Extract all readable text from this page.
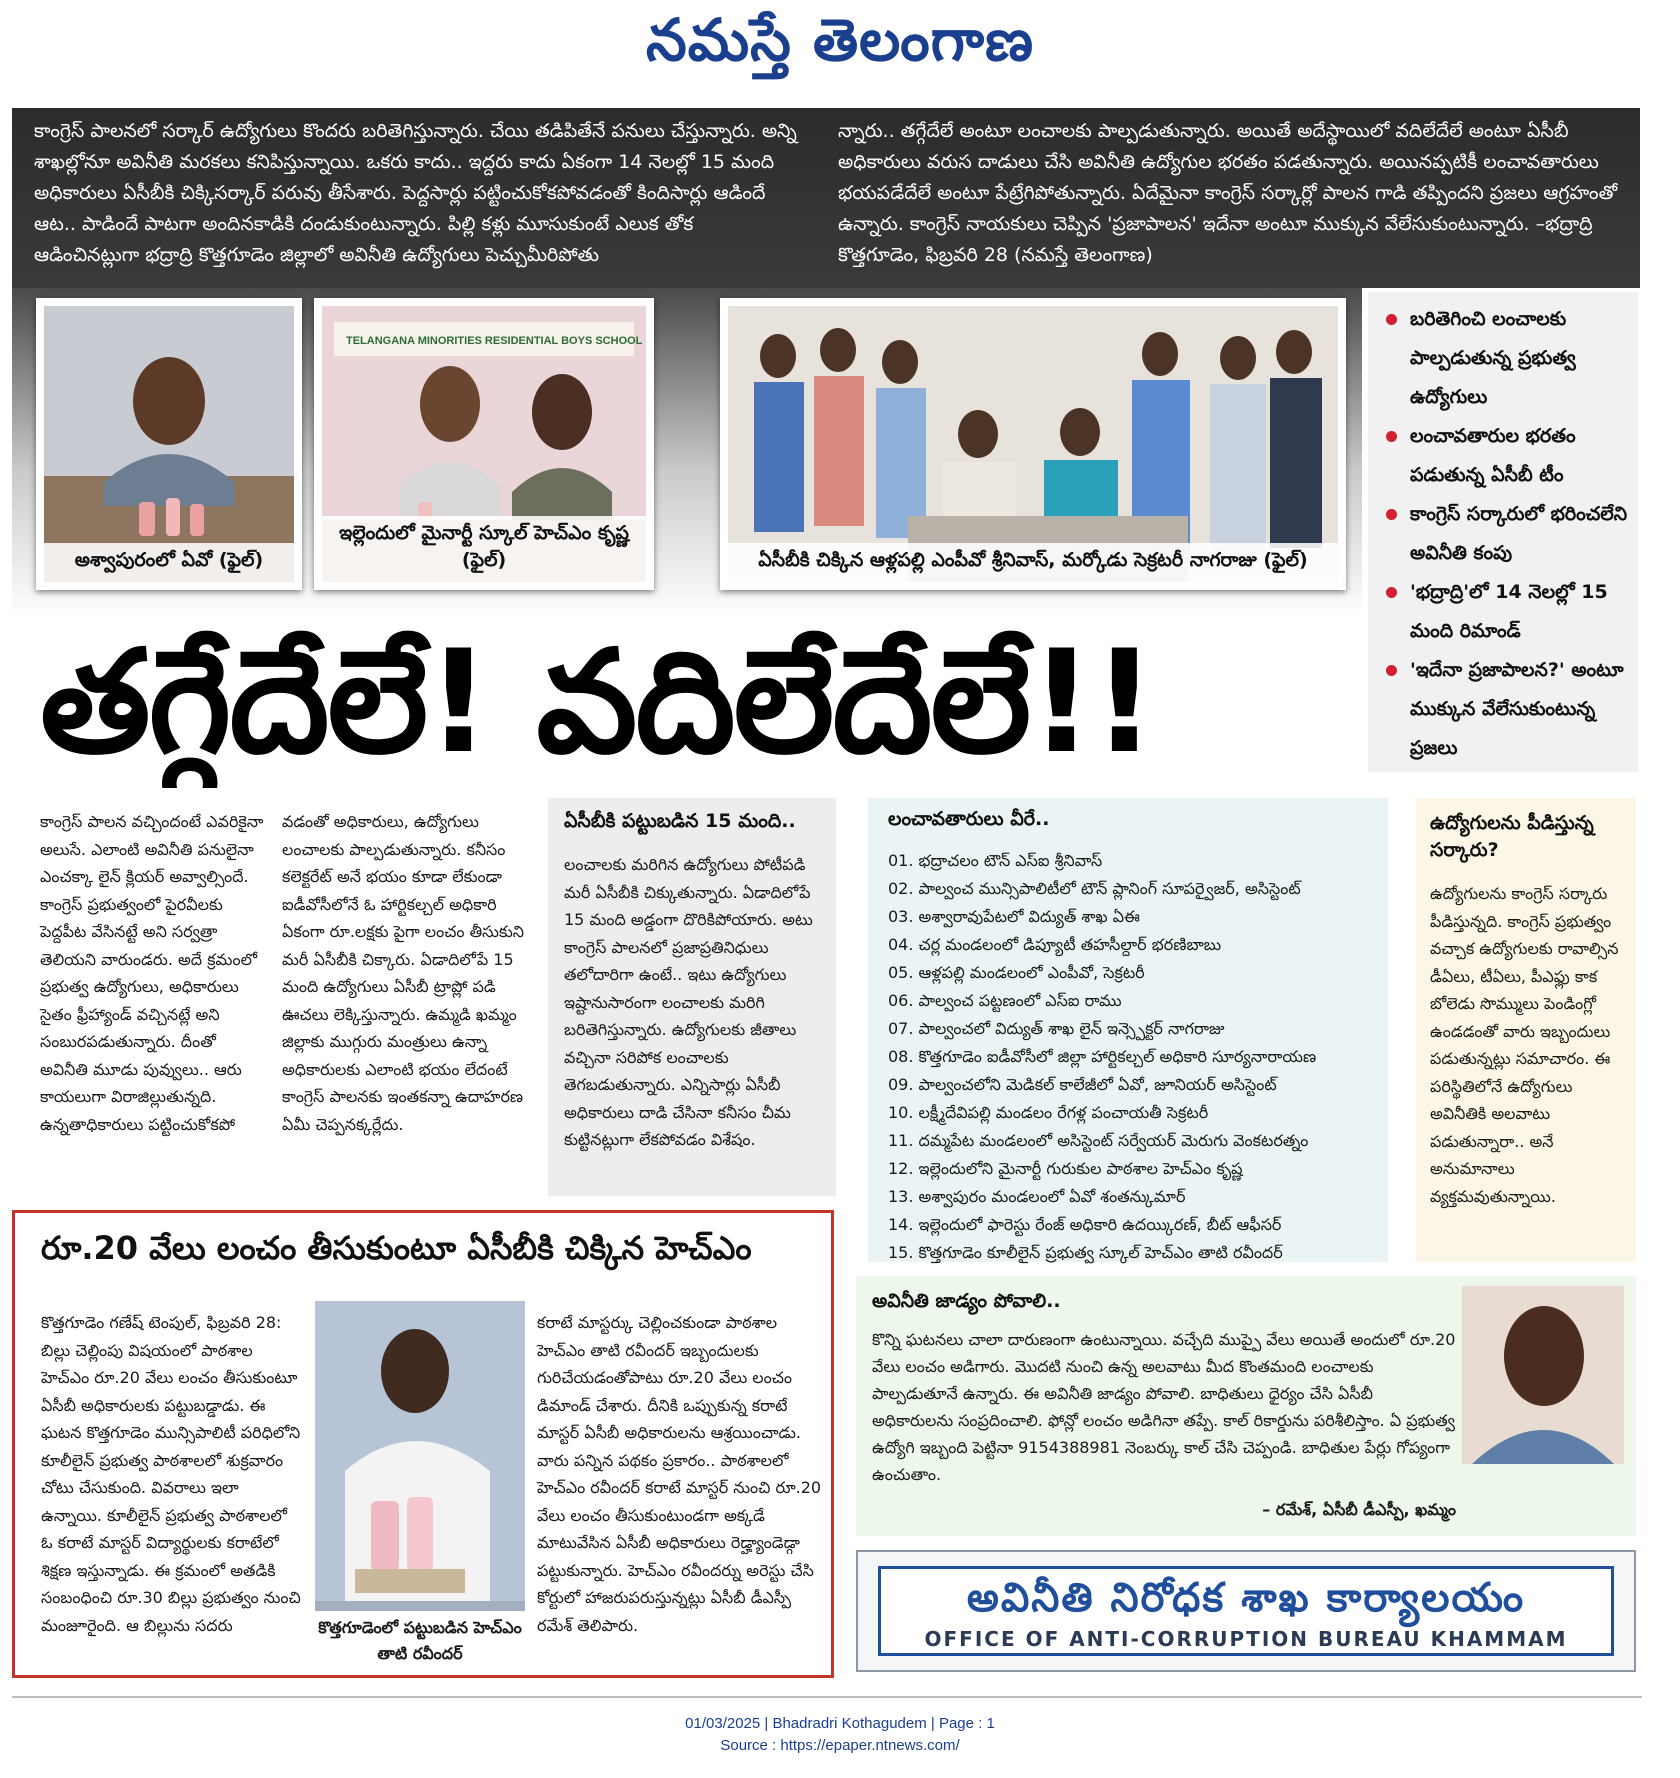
నమస్తే తెలంగాణ
కాంగ్రెస్ పాలనలో సర్కార్ ఉద్యోగులు కొందరు బరితెగిస్తున్నారు. చేయి తడిపితేనే పనులు చేస్తున్నారు. అన్ని శాఖల్లోనూ అవినీతి మరకలు కనిపిస్తున్నాయి. ఒకరు కాదు.. ఇద్దరు కాదు ఏకంగా 14 నెలల్లో 15 మంది అధికారులు ఏసీబీకి చిక్కిసర్కార్ పరువు తీసేశారు. పెద్దసార్లు పట్టించుకోకపోవడంతో కిందిసార్లు ఆడిందే ఆట.. పాడిందే పాటగా అందినకాడికి దండుకుంటున్నారు. పిల్లి కళ్లు మూసుకుంటే ఎలుక తోక ఆడించినట్లుగా భద్రాద్రి కొత్తగూడెం జిల్లాలో అవినీతి ఉద్యోగులు పెచ్చుమీరిపోతు
న్నారు.. తగ్గేదేలే అంటూ లంచాలకు పాల్పడుతున్నారు. అయితే అదేస్థాయిలో వదిలేదేలే అంటూ ఏసీబీ అధికారులు వరుస దాడులు చేసి అవినీతి ఉద్యోగుల భరతం పడతున్నారు. అయినప్పటికీ లంచావతారులు భయపడేదేలే అంటూ పేట్రేగిపోతున్నారు. ఏదేమైనా కాంగ్రెస్ సర్కార్లో పాలన గాడి తప్పిందని ప్రజలు ఆగ్రహంతో ఉన్నారు. కాంగ్రెస్ నాయకులు చెప్పిన 'ప్రజాపాలన' ఇదేనా అంటూ ముక్కున వేలేసుకుంటున్నారు. –భద్రాద్రి కొత్తగూడెం, ఫిబ్రవరి 28 (నమస్తే తెలంగాణ)
అశ్వాపురంలో ఏవో (ఫైల్)
TELANGANA MINORITIES RESIDENTIAL BOYS SCHOOL
ఇల్లెందులో మైనార్టీ స్కూల్ హెచ్ఎం కృష్ణ (ఫైల్)	ఏసీబీకి చిక్కిన ఆళ్లపల్లి ఎంపీవో శ్రీనివాస్, మర్కోడు సెక్రటరీ నాగరాజు (ఫైల్)
బరితెగించి లంచాలకు పాల్పడుతున్న ప్రభుత్వ ఉద్యోగులు
లంచావతారుల భరతం పడుతున్న ఏసీబీ టీం
కాంగ్రెస్ సర్కారులో భరించలేని అవినీతి కంపు
'భద్రాద్రి'లో 14 నెలల్లో 15 మంది రిమాండ్
'ఇదేనా ప్రజాపాలన?' అంటూ ముక్కున వేలేసుకుంటున్న ప్రజలు
తగ్గేదేలే! వదిలేదేలే!!
కాంగ్రెస్ పాలన వచ్చిందంటే ఎవరికైనా అలుసే. ఎలాంటి అవినీతి పనులైనా ఎంచక్కా లైన్ క్లియర్ అవ్వాల్సిందే. కాంగ్రెస్ ప్రభుత్వంలో పైరవీలకు పెద్దపీట వేసినట్టే అని సర్వత్రా తెలియని వారుండరు. అదే క్రమంలో ప్రభుత్వ ఉద్యోగులు, అధికారులు సైతం ఫ్రీహ్యాండ్ వచ్చినట్లే అని సంబురపడుతున్నారు. దీంతో అవినీతి మూడు పువ్వులు.. ఆరు కాయలుగా విరాజిల్లుతున్నది. ఉన్నతాధికారులు పట్టించుకోకపో
వడంతో అధికారులు, ఉద్యోగులు లంచాలకు పాల్పడుతున్నారు. కనీసం కలెక్టరేట్ అనే భయం కూడా లేకుండా ఐడీవోసీలోనే ఓ హార్టికల్చల్ అధికారి ఏకంగా రూ.లక్షకు పైగా లంచం తీసుకుని మరీ ఏసీబీకి చిక్కారు. ఏడాదిలోపే 15 మంది ఉద్యోగులు ఏసీబీ ట్రాప్లో పడి ఊచలు లెక్కిస్తున్నారు. ఉమ్మడి ఖమ్మం జిల్లాకు ముగ్గురు మంత్రులు ఉన్నా అధికారులకు ఎలాంటి భయం లేదంటే కాంగ్రెస్ పాలనకు ఇంతకన్నా ఉదాహరణ ఏమీ చెప్పనక్కర్లేదు.
ఏసీబీకి పట్టుబడిన 15 మంది..
లంచాలకు మరిగిన ఉద్యోగులు పోటీపడి మరీ ఏసీబీకి చిక్కుతున్నారు. ఏడాదిలోపే 15 మంది అడ్డంగా దొరికిపోయారు. అటు కాంగ్రెస్ పాలనలో ప్రజాప్రతినిధులు తలోదారిగా ఉంటే.. ఇటు ఉద్యోగులు ఇష్టానుసారంగా లంచాలకు మరిగి బరితెగిస్తున్నారు. ఉద్యోగులకు జీతాలు వచ్చినా సరిపోక లంచాలకు తెగబడుతున్నారు. ఎన్నిసార్లు ఏసీబీ అధికారులు దాడి చేసినా కనీసం చీమ కుట్టినట్లుగా లేకపోవడం విశేషం.
లంచావతారులు వీరే..
01. భద్రాచలం టౌన్ ఎస్ఐ శ్రీనివాస్
02. పాల్వంచ మున్సిపాలిటీలో టౌన్ ప్లానింగ్ సూపర్వైజర్, అసిస్టెంట్
03. అశ్వారావుపేటలో విద్యుత్ శాఖ ఏఈ
04. చర్ల మండలంలో డిప్యూటీ తహసీల్దార్ భరణిబాబు
05. ఆళ్లపల్లి మండలంలో ఎంపీవో, సెక్రటరీ
06. పాల్వంచ పట్టణంలో ఎస్ఐ రాము
07. పాల్వంచలో విద్యుత్ శాఖ లైన్ ఇన్స్పెక్టర్ నాగరాజు
08. కొత్తగూడెం ఐడీవోసీలో జిల్లా హార్టికల్చల్ అధికారి సూర్యనారాయణ
09. పాల్వంచలోని మెడికల్ కాలేజీలో ఏవో, జూనియర్ అసిస్టెంట్
10. లక్ష్మీదేవిపల్లి మండలం రేగళ్ల పంచాయతీ సెక్రటరీ
11. దమ్మపేట మండలంలో అసిస్టెంట్ సర్వేయర్ మెరుగు వెంకటరత్నం
12. ఇల్లెందులోని మైనార్టీ గురుకుల పాఠశాల హెచ్ఎం కృష్ణ
13. అశ్వాపురం మండలంలో ఏవో శంతన్కుమార్
14. ఇల్లెందులో ఫారెస్టు రేంజ్ అధికారి ఉదయ్కిరణ్, బీట్ ఆఫీసర్
15. కొత్తగూడెం కూలీలైన్ ప్రభుత్వ స్కూల్ హెచ్ఎం తాటి రవీందర్
ఉద్యోగులను పీడిస్తున్న సర్కారు?
ఉద్యోగులను కాంగ్రెస్ సర్కారు పీడిస్తున్నది. కాంగ్రెస్ ప్రభుత్వం వచ్చాక ఉద్యోగులకు రావాల్సిన డీఏలు, టీఏలు, పీఎఫ్లు కాక బోలెడు సొమ్ములు పెండింగ్లో ఉండడంతో వారు ఇబ్బందులు పడుతున్నట్లు సమాచారం. ఈ పరిస్థితిలోనే ఉద్యోగులు అవినీతికి అలవాటు పడుతున్నారా.. అనే అనుమానాలు వ్యక్తమవుతున్నాయి.
రూ.20 వేలు లంచం తీసుకుంటూ ఏసీబీకి చిక్కిన హెచ్ఎం
కొత్తగూడెం గణేష్ టెంపుల్, ఫిబ్రవరి 28: బిల్లు చెల్లింపు విషయంలో పాఠశాల హెచ్ఎం రూ.20 వేలు లంచం తీసుకుంటూ ఏసీబీ అధికారులకు పట్టుబడ్డాడు. ఈ ఘటన కొత్తగూడెం మున్సిపాలిటీ పరిధిలోని కూలీలైన్ ప్రభుత్వ పాఠశాలలో శుక్రవారం చోటు చేసుకుంది. వివరాలు ఇలా ఉన్నాయి. కూలీలైన్ ప్రభుత్వ పాఠశాలలో ఓ కరాటే మాస్టర్ విద్యార్థులకు కరాటేలో శిక్షణ ఇస్తున్నాడు. ఈ క్రమంలో అతడికి సంబంధించి రూ.30 బిల్లు ప్రభుత్వం నుంచి మంజూరైంది. ఆ బిల్లును సదరు	కొత్తగూడెంలో పట్టుబడిన హెచ్ఎం తాటి రవీందర్
కరాటే మాస్టర్కు చెల్లించకుండా పాఠశాల హెచ్ఎం తాటి రవీందర్ ఇబ్బందులకు గురిచేయడంతోపాటు రూ.20 వేలు లంచం డిమాండ్ చేశారు. దీనికి ఒప్పుకున్న కరాటే మాస్టర్ ఏసీబీ అధికారులను ఆశ్రయించాడు. వారు పన్నిన పథకం ప్రకారం.. పాఠశాలలో హెచ్ఎం రవీందర్ కరాటే మాస్టర్ నుంచి రూ.20 వేలు లంచం తీసుకుంటుండగా అక్కడే మాటువేసిన ఏసీబీ అధికారులు రెడ్హ్యాండెడ్గా పట్టుకున్నారు. హెచ్ఎం రవీందర్ను అరెస్టు చేసి కోర్టులో హాజరుపరుస్తున్నట్లు ఏసీబీ డీఎస్పీ రమేశ్ తెలిపారు.
అవినీతి జాడ్యం పోవాలి..
కొన్ని ఘటనలు చాలా దారుణంగా ఉంటున్నాయి. వచ్చేది ముప్పై వేలు అయితే అందులో రూ.20 వేలు లంచం అడిగారు. మొదటి నుంచి ఉన్న అలవాటు మీద కొంతమంది లంచాలకు పాల్పడుతూనే ఉన్నారు. ఈ అవినీతి జాడ్యం పోవాలి. బాధితులు ధైర్యం చేసి ఏసీబీ అధికారులను సంప్రదించాలి. ఫోన్లో లంచం అడిగినా తప్పే. కాల్ రికార్డును పరిశీలిస్తాం. ఏ ప్రభుత్వ ఉద్యోగి ఇబ్బంది పెట్టినా 9154388981 నెంబర్కు కాల్ చేసి చెప్పండి. బాధితుల పేర్లు గోప్యంగా ఉంచుతాం.
– రమేశ్, ఏసీబీ డీఎస్పీ, ఖమ్మం
అవినీతి నిరోధక శాఖ కార్యాలయం
OFFICE OF ANTI-CORRUPTION BUREAU KHAMMAM
01/03/2025 | Bhadradri Kothagudem | Page : 1
Source : https://epaper.ntnews.com/
